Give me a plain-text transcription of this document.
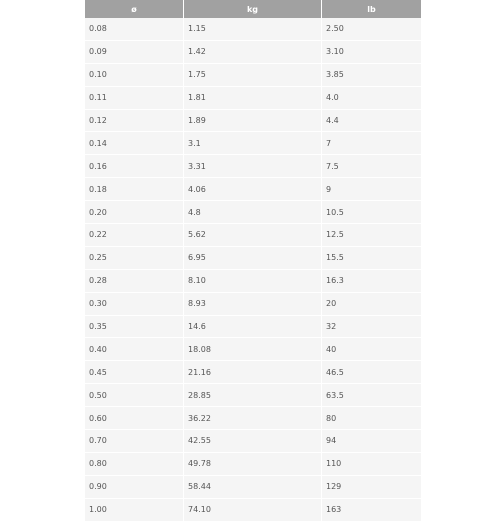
ø	kg	lb
0.08	1.15	2.50
0.09	1.42	3.10
0.10	1.75	3.85
0.11	1.81	4.0
0.12	1.89	4.4
0.14	3.1	7
0.16	3.31	7.5
0.18	4.06	9
0.20	4.8	10.5
0.22	5.62	12.5
0.25	6.95	15.5
0.28	8.10	16.3
0.30	8.93	20
0.35	14.6	32
0.40	18.08	40
0.45	21.16	46.5
0.50	28.85	63.5
0.60	36.22	80
0.70	42.55	94
0.80	49.78	110
0.90	58.44	129
1.00	74.10	163
